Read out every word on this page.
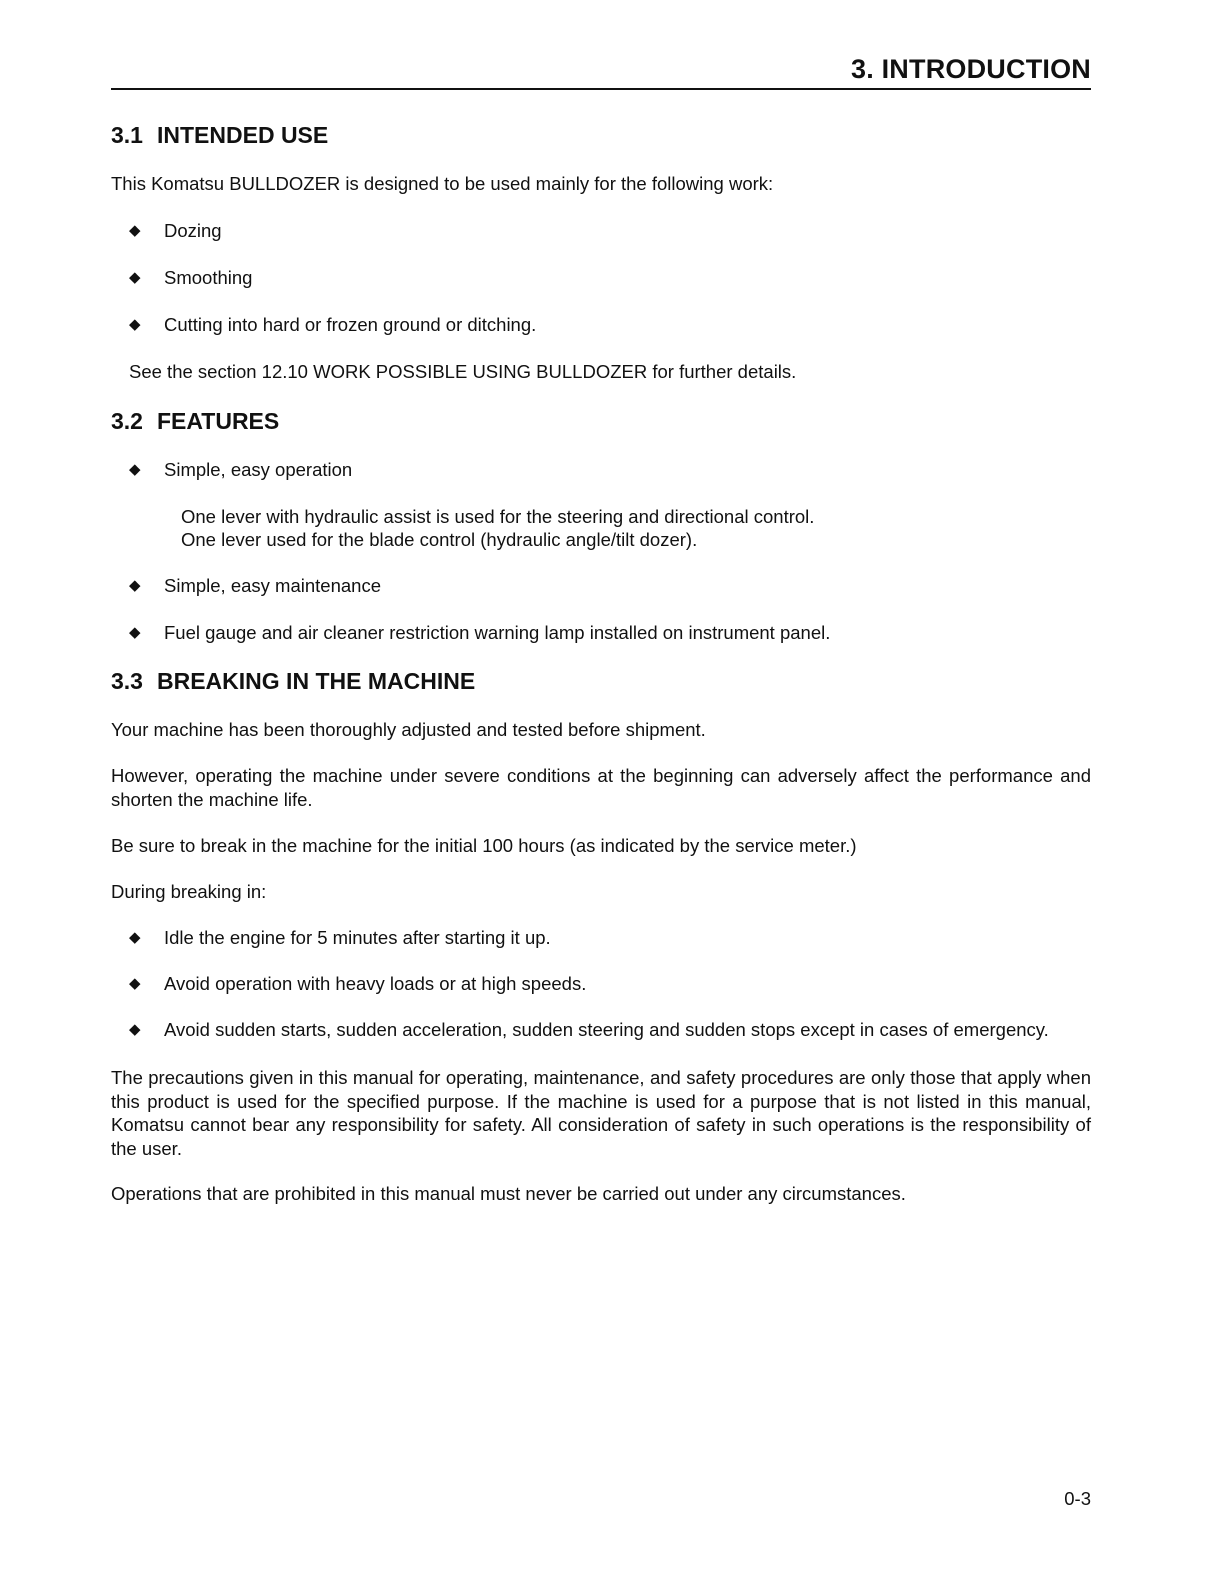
3. INTRODUCTION
3.1 INTENDED USE

This Komatsu BULLDOZER is designed to be used mainly for the following work:

◆	Dozing
◆	Smoothing
◆	Cutting into hard or frozen ground or ditching.

See the section 12.10 WORK POSSIBLE USING BULLDOZER for further details.

3.2 FEATURES
◆	Simple, easy operation
One lever with hydraulic assist is used for the steering and directional control.
One lever used for the blade control (hydraulic angle/tilt dozer).
◆	Simple, easy maintenance
◆	Fuel gauge and air cleaner restriction warning lamp installed on instrument panel.
3.3 BREAKING IN THE MACHINE

Your machine has been thoroughly adjusted and tested before shipment.

However, operating the machine under severe conditions at the beginning can adversely affect the performance and shorten the machine life.

Be sure to break in the machine for the initial 100 hours (as indicated by the service meter.)

During breaking in:

◆	Idle the engine for 5 minutes after starting it up.
◆	Avoid operation with heavy loads or at high speeds.
◆	Avoid sudden starts, sudden acceleration, sudden steering and sudden stops except in cases of emergency.

The precautions given in this manual for operating, maintenance, and safety procedures are only those that apply when this product is used for the specified purpose. If the machine is used for a purpose that is not listed in this manual, Komatsu cannot bear any responsibility for safety. All consideration of safety in such operations is the responsibility of the user.

Operations that are prohibited in this manual must never be carried out under any circumstances.

0-3
